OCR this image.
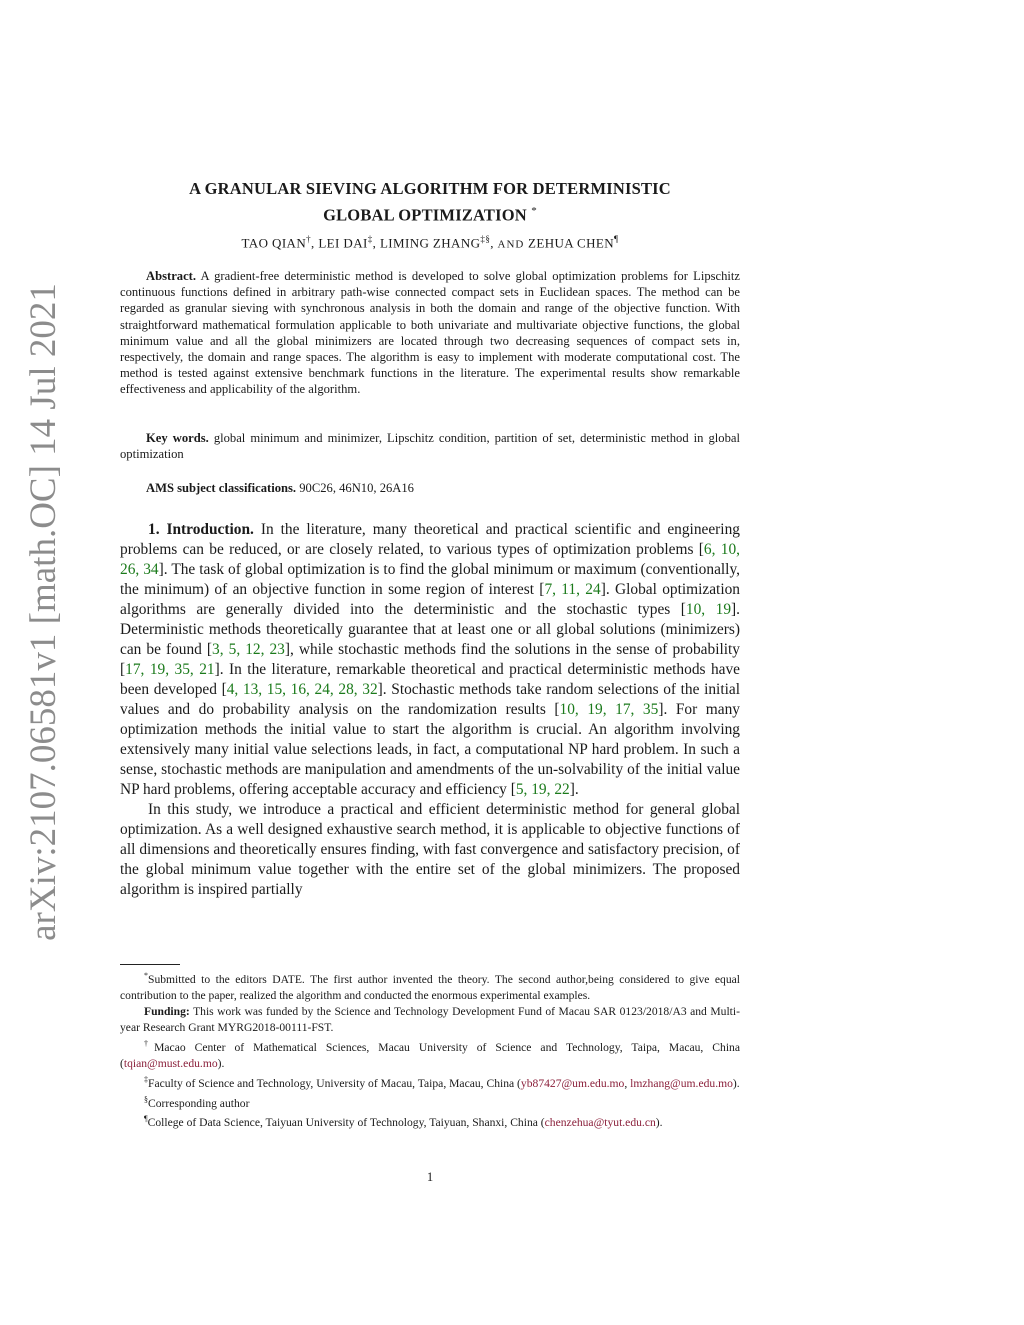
arXiv:2107.06581v1 [math.OC] 14 Jul 2021
A GRANULAR SIEVING ALGORITHM FOR DETERMINISTIC
GLOBAL OPTIMIZATION *
TAO QIAN†, LEI DAI‡, LIMING ZHANG‡§, AND ZEHUA CHEN¶
Abstract. A gradient-free deterministic method is developed to solve global optimization problems for Lipschitz continuous functions defined in arbitrary path-wise connected compact sets in Euclidean spaces. The method can be regarded as granular sieving with synchronous analysis in both the domain and range of the objective function. With straightforward mathematical formulation applicable to both univariate and multivariate objective functions, the global minimum value and all the global minimizers are located through two decreasing sequences of compact sets in, respectively, the domain and range spaces. The algorithm is easy to implement with moderate computational cost. The method is tested against extensive benchmark functions in the literature. The experimental results show remarkable effectiveness and applicability of the algorithm.
Key words. global minimum and minimizer, Lipschitz condition, partition of set, deterministic method in global optimization
AMS subject classifications. 90C26, 46N10, 26A16

1. Introduction. In the literature, many theoretical and practical scientific and engineering problems can be reduced, or are closely related, to various types of optimization problems [6, 10, 26, 34]. The task of global optimization is to find the global minimum or maximum (conventionally, the minimum) of an objective function in some region of interest [7, 11, 24]. Global optimization algorithms are generally divided into the deterministic and the stochastic types [10, 19]. Deterministic methods theoretically guarantee that at least one or all global solutions (minimizers) can be found [3, 5, 12, 23], while stochastic methods find the solutions in the sense of probability [17, 19, 35, 21]. In the literature, remarkable theoretical and practical deterministic methods have been developed [4, 13, 15, 16, 24, 28, 32]. Stochastic methods take random selections of the initial values and do probability analysis on the randomization results [10, 19, 17, 35]. For many optimization methods the initial value to start the algorithm is crucial. An algorithm involving extensively many initial value selections leads, in fact, a computational NP hard problem. In such a sense, stochastic methods are manipulation and amendments of the un-solvability of the initial value NP hard problems, offering acceptable accuracy and efficiency [5, 19, 22].

In this study, we introduce a practical and efficient deterministic method for general global optimization. As a well designed exhaustive search method, it is applicable to objective functions of all dimensions and theoretically ensures finding, with fast convergence and satisfactory precision, of the global minimum value together with the entire set of the global minimizers. The proposed algorithm is inspired partially

*Submitted to the editors DATE. The first author invented the theory. The second author,being considered to give equal contribution to the paper, realized the algorithm and conducted the enormous experimental examples.

Funding: This work was funded by the Science and Technology Development Fund of Macau SAR 0123/2018/A3 and Multi-year Research Grant MYRG2018-00111-FST.

†Macao Center of Mathematical Sciences, Macau University of Science and Technology, Taipa, Macau, China (tqian@must.edu.mo).

‡Faculty of Science and Technology, University of Macau, Taipa, Macau, China (yb87427@um.edu.mo, lmzhang@um.edu.mo).

§Corresponding author

¶College of Data Science, Taiyuan University of Technology, Taiyuan, Shanxi, China (chenzehua@tyut.edu.cn).

1
